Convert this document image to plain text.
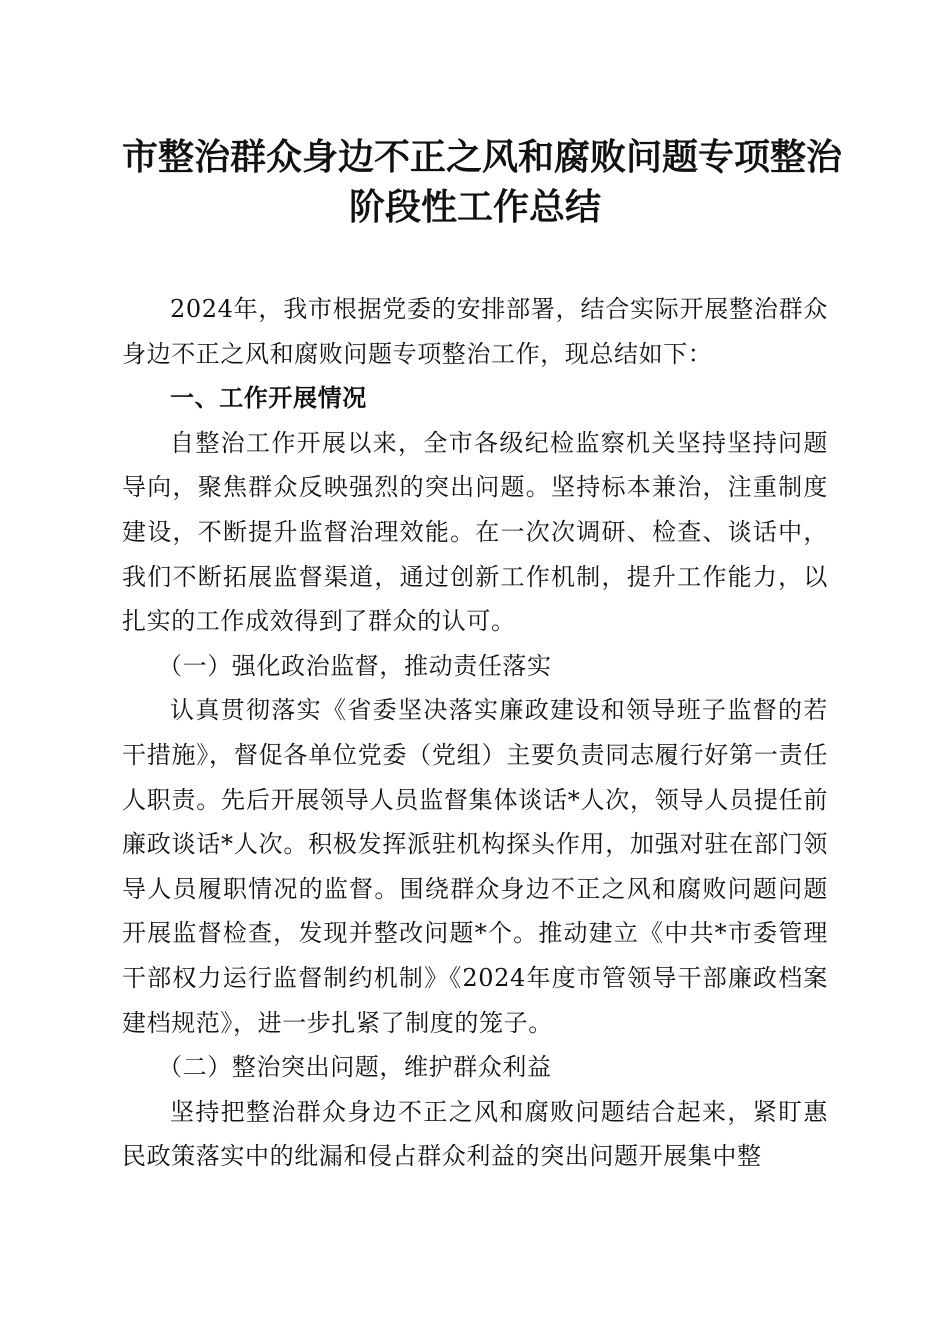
市整治群众身边不正之风和腐败问题专项整治
阶段性工作总结

2024年，我市根据党委的安排部署，结合实际开展整治群众身边不正之风和腐败问题专项整治工作，现总结如下：

一、工作开展情况

自整治工作开展以来，全市各级纪检监察机关坚持坚持问题导向，聚焦群众反映强烈的突出问题。坚持标本兼治，注重制度建设，不断提升监督治理效能。在一次次调研、检查、谈话中，我们不断拓展监督渠道，通过创新工作机制，提升工作能力，以扎实的工作成效得到了群众的认可。

（一）强化政治监督，推动责任落实

认真贯彻落实《省委坚决落实廉政建设和领导班子监督的若干措施》，督促各单位党委（党组）主要负责同志履行好第一责任人职责。先后开展领导人员监督集体谈话*人次，领导人员提任前廉政谈话*人次。积极发挥派驻机构探头作用，加强对驻在部门领导人员履职情况的监督。围绕群众身边不正之风和腐败问题问题开展监督检查，发现并整改问题*个。推动建立《中共*市委管理干部权力运行监督制约机制》《2024年度市管领导干部廉政档案建档规范》，进一步扎紧了制度的笼子。

（二）整治突出问题，维护群众利益

坚持把整治群众身边不正之风和腐败问题结合起来，紧盯惠民政策落实中的纰漏和侵占群众利益的突出问题开展集中整
